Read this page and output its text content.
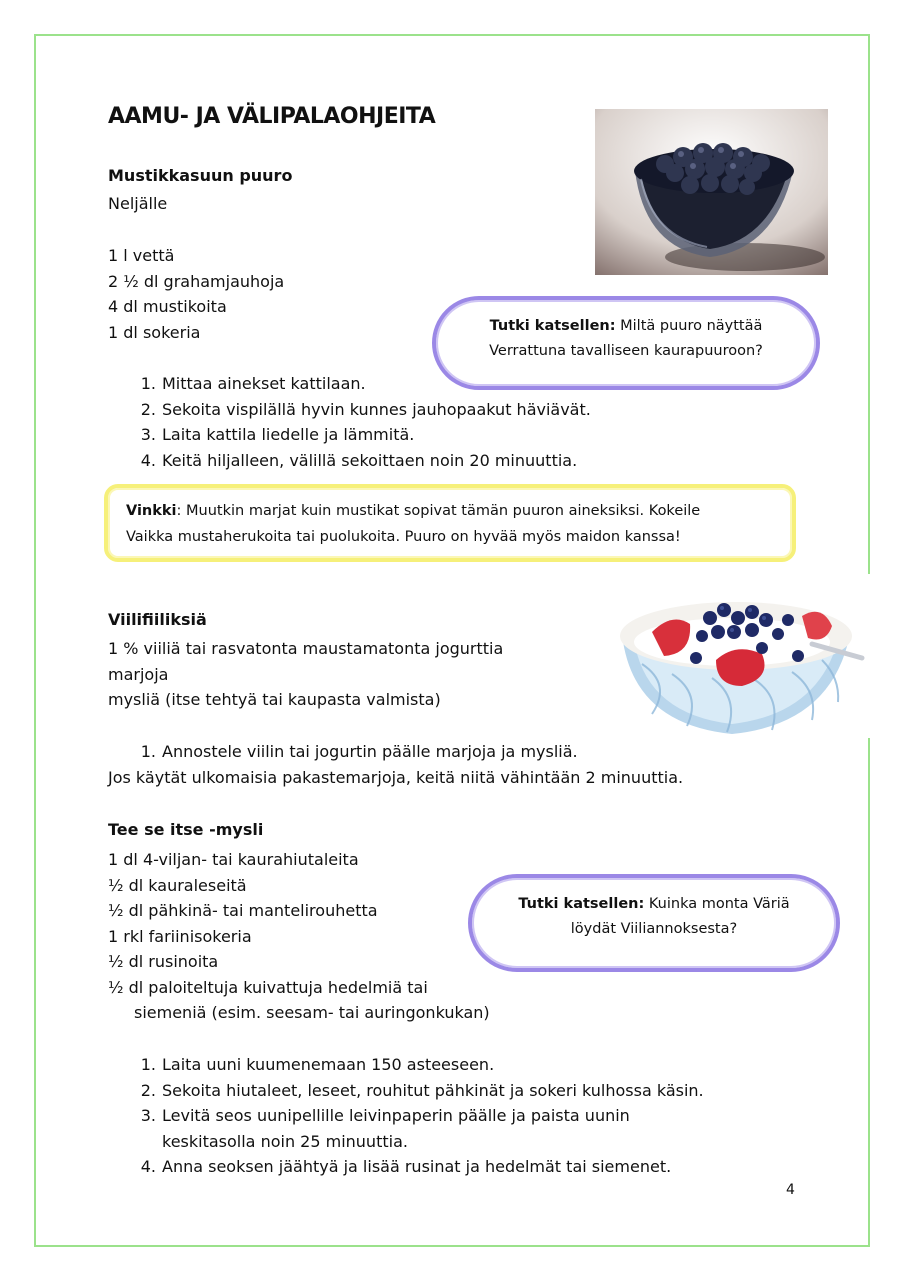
AAMU- JA VÄLIPALAOHJEITA
Mustikkasuun puuro
Neljälle
1 l vettä
2 ½ dl grahamjauhoja
4 dl mustikoita
1 dl sokeria	Tutki katsellen: Miltä puuro näyttää
Verrattuna tavalliseen kaurapuuroon?
1. Mittaa ainekset kattilaan.
2. Sekoita vispilällä hyvin kunnes jauhopaakut häviävät.
3. Laita kattila liedelle ja lämmitä.
4. Keitä hiljalleen, välillä sekoittaen noin 20 minuuttia.
Vinkki: Muutkin marjat kuin mustikat sopivat tämän puuron aineksiksi. Kokeile
Vaikka mustaherukoita tai puolukoita. Puuro on hyvää myös maidon kanssa!
Viilifiiliksiä
1 % viiliä tai rasvatonta maustamatonta jogurttia
marjoja
mysliä (itse tehtyä tai kaupasta valmista)
1. Annostele viilin tai jogurtin päälle marjoja ja mysliä.
Jos käytät ulkomaisia pakastemarjoja, keitä niitä vähintään 2 minuuttia.
Tee se itse -mysli
1 dl 4-viljan- tai kaurahiutaleita
½ dl kauraleseitä
½ dl pähkinä- tai mantelirouhetta
1 rkl fariinisokeria
½ dl rusinoita
½ dl paloiteltuja kuivattuja hedelmiä tai
siemeniä (esim. seesam- tai auringonkukan)
Tutki katsellen: Kuinka monta Väriä
löydät Viiliannoksesta?
1. Laita uuni kuumenemaan 150 asteeseen.
2. Sekoita hiutaleet, leseet, rouhitut pähkinät ja sokeri kulhossa käsin.
3. Levitä seos uunipellille leivinpaperin päälle ja paista uunin
keskitasolla noin 25 minuuttia.
4. Anna seoksen jäähtyä ja lisää rusinat ja hedelmät tai siemenet.
4
